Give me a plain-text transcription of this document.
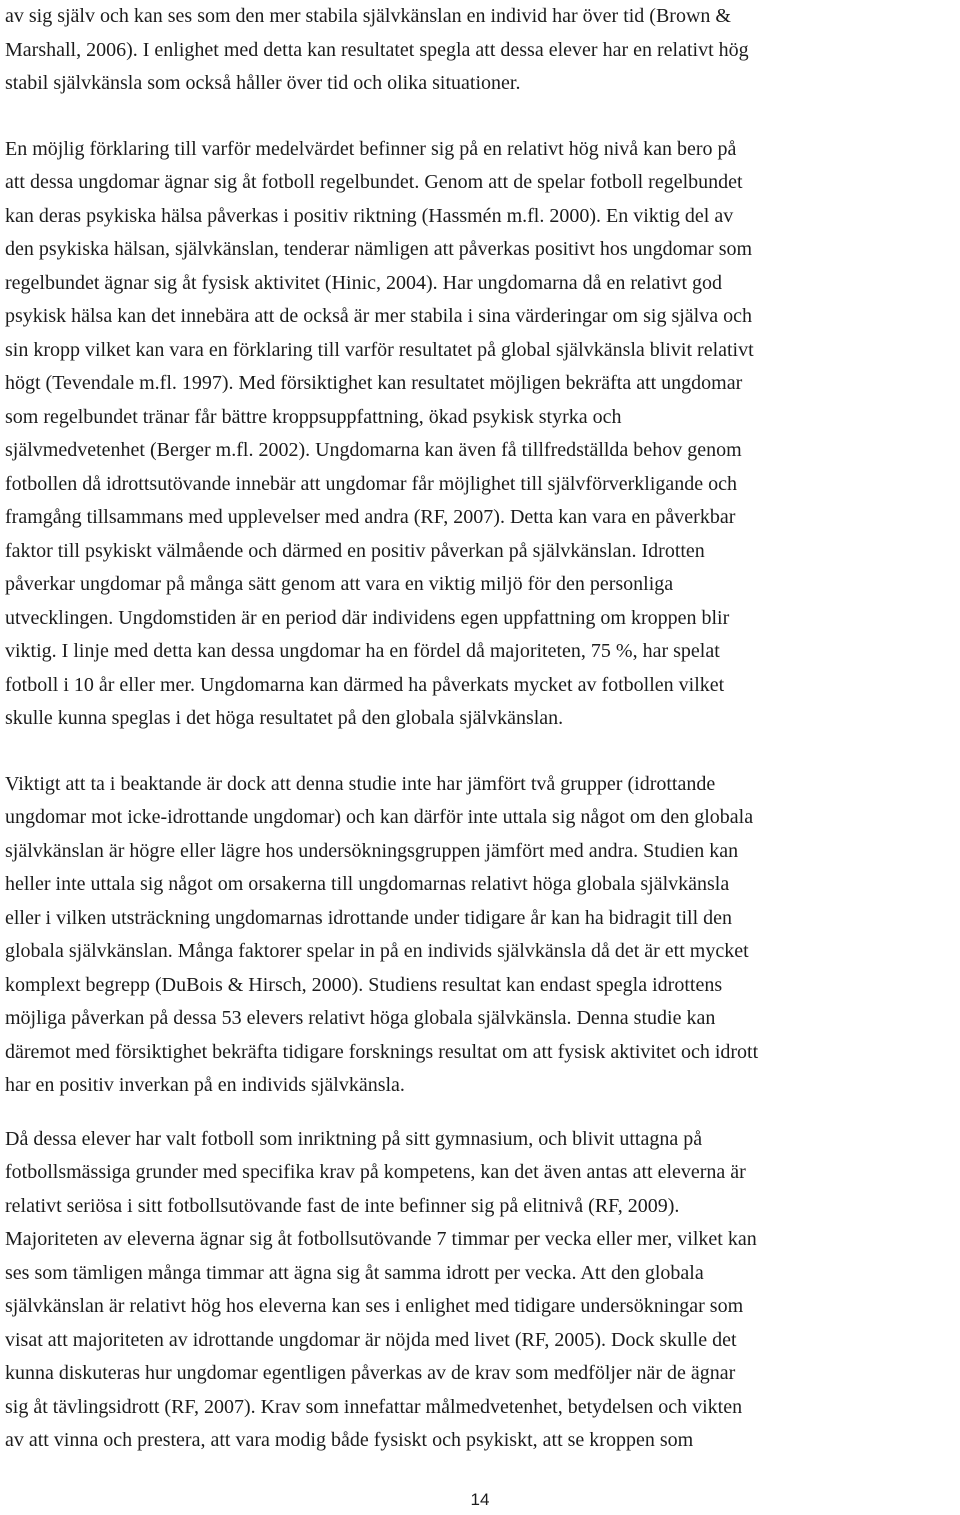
av sig själv och kan ses som den mer stabila självkänslan en individ har över tid (Brown &
Marshall, 2006). I enlighet med detta kan resultatet spegla att dessa elever har en relativt hög
stabil självkänsla som också håller över tid och olika situationer.

En möjlig förklaring till varför medelvärdet befinner sig på en relativt hög nivå kan bero på
att dessa ungdomar ägnar sig åt fotboll regelbundet. Genom att de spelar fotboll regelbundet
kan deras psykiska hälsa påverkas i positiv riktning (Hassmén m.fl. 2000). En viktig del av
den psykiska hälsan, självkänslan, tenderar nämligen att påverkas positivt hos ungdomar som
regelbundet ägnar sig åt fysisk aktivitet (Hinic, 2004). Har ungdomarna då en relativt god
psykisk hälsa kan det innebära att de också är mer stabila i sina värderingar om sig själva och
sin kropp vilket kan vara en förklaring till varför resultatet på global självkänsla blivit relativt
högt (Tevendale m.fl. 1997). Med försiktighet kan resultatet möjligen bekräfta att ungdomar
som regelbundet tränar får bättre kroppsuppfattning, ökad psykisk styrka och
självmedvetenhet (Berger m.fl. 2002). Ungdomarna kan även få tillfredställda behov genom
fotbollen då idrottsutövande innebär att ungdomar får möjlighet till självförverkligande och
framgång tillsammans med upplevelser med andra (RF, 2007). Detta kan vara en påverkbar
faktor till psykiskt välmående och därmed en positiv påverkan på självkänslan. Idrotten
påverkar ungdomar på många sätt genom att vara en viktig miljö för den personliga
utvecklingen. Ungdomstiden är en period där individens egen uppfattning om kroppen blir
viktig. I linje med detta kan dessa ungdomar ha en fördel då majoriteten, 75 %, har spelat
fotboll i 10 år eller mer. Ungdomarna kan därmed ha påverkats mycket av fotbollen vilket
skulle kunna speglas i det höga resultatet på den globala självkänslan.

Viktigt att ta i beaktande är dock att denna studie inte har jämfört två grupper (idrottande
ungdomar mot icke-idrottande ungdomar) och kan därför inte uttala sig något om den globala
självkänslan är högre eller lägre hos undersökningsgruppen jämfört med andra. Studien kan
heller inte uttala sig något om orsakerna till ungdomarnas relativt höga globala självkänsla
eller i vilken utsträckning ungdomarnas idrottande under tidigare år kan ha bidragit till den
globala självkänslan. Många faktorer spelar in på en individs självkänsla då det är ett mycket
komplext begrepp (DuBois & Hirsch, 2000). Studiens resultat kan endast spegla idrottens
möjliga påverkan på dessa 53 elevers relativt höga globala självkänsla. Denna studie kan
däremot med försiktighet bekräfta tidigare forsknings resultat om att fysisk aktivitet och idrott
har en positiv inverkan på en individs självkänsla.

Då dessa elever har valt fotboll som inriktning på sitt gymnasium, och blivit uttagna på
fotbollsmässiga grunder med specifika krav på kompetens, kan det även antas att eleverna är
relativt seriösa i sitt fotbollsutövande fast de inte befinner sig på elitnivå (RF, 2009).
Majoriteten av eleverna ägnar sig åt fotbollsutövande 7 timmar per vecka eller mer, vilket kan
ses som tämligen många timmar att ägna sig åt samma idrott per vecka. Att den globala
självkänslan är relativt hög hos eleverna kan ses i enlighet med tidigare undersökningar som
visat att majoriteten av idrottande ungdomar är nöjda med livet (RF, 2005). Dock skulle det
kunna diskuteras hur ungdomar egentligen påverkas av de krav som medföljer när de ägnar
sig åt tävlingsidrott (RF, 2007). Krav som innefattar målmedvetenhet, betydelsen och vikten
av att vinna och prestera, att vara modig både fysiskt och psykiskt, att se kroppen som

14
